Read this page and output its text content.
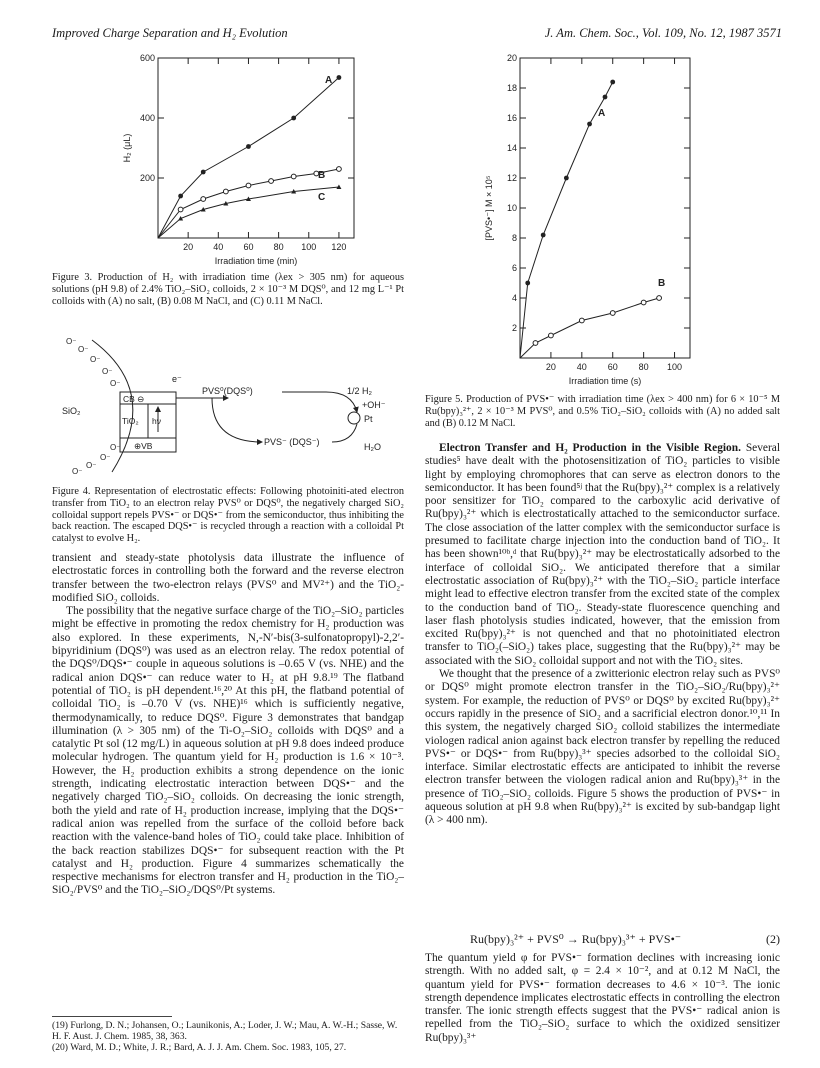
Improved Charge Separation and H₂ Evolution	J. Am. Chem. Soc., Vol. 109, No. 12, 1987 3571
20 40 60 80 100 120
200
400
600
Irradiation time (min)
H₂ (μL)
A
B
C
Figure 3. Production of H₂ with irradiation time (λex > 305 nm) for aqueous solutions (pH 9.8) of 2.4% TiO₂–SiO₂ colloids, 2 × 10⁻³ M DQS⁰, and 12 mg L⁻¹ Pt colloids with (A) no salt, (B) 0.08 M NaCl, and (C) 0.11 M NaCl.
O⁻
O⁻
O⁻
O⁻
O⁻
O⁻
O⁻
O⁻
O⁻
SiO₂
CB ⊖
TiO₂ hν
⊕VB
e⁻
PVS⁰(DQS⁰)
PVS⁻ (DQS⁻)
Pt
1/2 H₂
+OH⁻
H₂O
Figure 4. Representation of electrostatic effects: Following photoiniti-ated electron transfer from TiO₂ to an electron relay PVS⁰ or DQS⁰, the negatively charged SiO₂ colloidal support repels PVS•⁻ or DQS•⁻ from the semiconductor, thus inhibiting the back reaction. The escaped DQS•⁻ is recycled through a reaction with a colloidal Pt catalyst to evolve H₂.

transient and steady-state photolysis data illustrate the influence of electrostatic forces in controlling both the forward and the reverse electron transfer between the two-electron relays (PVS⁰ and MV²⁺) and the TiO₂-modified SiO₂ colloids.

The possibility that the negative surface charge of the TiO₂–SiO₂ particles might be effective in promoting the redox chemistry for H₂ production was also explored. In these experiments, N,-N′-bis(3-sulfonatopropyl)-2,2′-bipyridinium (DQS⁰) was used as an electron relay. The redox potential of the DQS⁰/DQS•⁻ couple in aqueous solutions is –0.65 V (vs. NHE) and the radical anion DQS•⁻ can reduce water to H₂ at pH 9.8.¹⁹ The flatband potential of TiO₂ is pH dependent.¹⁶,²⁰ At this pH, the flatband potential of colloidal TiO₂ is –0.70 V (vs. NHE)¹⁶ which is sufficiently negative, thermodynamically, to reduce DQS⁰. Figure 3 demonstrates that bandgap illumination (λ > 305 nm) of the Ti-O₂–SiO₂ colloids with DQS⁰ and a catalytic Pt sol (12 mg/L) in aqueous solution at pH 9.8 does indeed produce molecular hydrogen. The quantum yield for H₂ production is 1.6 × 10⁻³. However, the H₂ production exhibits a strong dependence on the ionic strength, indicating electrostatic interaction between DQS•⁻ and the negatively charged TiO₂–SiO₂ colloids. On decreasing the ionic strength, both the yield and rate of H₂ production increase, implying that the DQS•⁻ radical anion was repelled from the surface of the colloid before back reaction with the valence-band holes of TiO₂ could take place. Inhibition of the back reaction stabilizes DQS•⁻ for subsequent reaction with the Pt catalyst and H₂ production. Figure 4 summarizes schematically the respective mechanisms for electron transfer and H₂ production in the TiO₂–SiO₂/PVS⁰ and the TiO₂–SiO₂/DQS⁰/Pt systems.

(19) Furlong, D. N.; Johansen, O.; Launikonis, A.; Loder, J. W.; Mau, A. W.-H.; Sasse, W. H. F. Aust. J. Chem. 1985, 38, 363.
(20) Ward, M. D.; White, J. R.; Bard, A. J. J. Am. Chem. Soc. 1983, 105, 27.
20 40 60 80 100
2
4
6
8
10
12
14
16
18
20
Irradiation time (s)
[PVS•⁻] M × 10⁵
A
B
Figure 5. Production of PVS•⁻ with irradiation time (λex > 400 nm) for 6 × 10⁻⁵ M Ru(bpy)₃²⁺, 2 × 10⁻³ M PVS⁰, and 0.5% TiO₂–SiO₂ colloids with (A) no added salt and (B) 0.12 M NaCl.

Electron Transfer and H₂ Production in the Visible Region. Several studies⁵ have dealt with the photosensitization of TiO₂ particles to visible light by employing chromophores that can serve as electron donors to the semiconductor. It has been found⁵ʲ that the Ru(bpy)₃²⁺ complex is a relatively poor sensitizer for TiO₂ compared to the carboxylic acid derivative of Ru(bpy)₃²⁺ which is electrostatically attached to the semiconductor surface. The close association of the latter complex with the semiconductor surface is presumed to facilitate charge injection into the conduction band of TiO₂. It has been shown¹⁰ᵇ,ᵈ that Ru(bpy)₃²⁺ may be electrostatically adsorbed to the interface of colloidal SiO₂. We anticipated therefore that a similar electrostatic association of Ru(bpy)₃²⁺ with the TiO₂–SiO₂ particle interface might lead to effective electron transfer from the excited state of the complex to the conduction band of TiO₂. Steady-state fluorescence quenching and laser flash photolysis studies indicated, however, that the emission from excited Ru(bpy)₃²⁺ is not quenched and that no photoinitiated electron transfer to TiO₂(–SiO₂) takes place, suggesting that the Ru(bpy)₃²⁺ may be associated with the SiO₂ colloidal support and not with the TiO₂ sites.

We thought that the presence of a zwitterionic electron relay such as PVS⁰ or DQS⁰ might promote electron transfer in the TiO₂–SiO₂/Ru(bpy)₃²⁺ system. For example, the reduction of PVS⁰ or DQS⁰ by excited Ru(bpy)₃²⁺ occurs rapidly in the presence of SiO₂ and a sacrificial electron donor.¹⁰,¹¹ In this system, the negatively charged SiO₂ colloid stabilizes the intermediate viologen radical anion against back electron transfer by repelling the reduced PVS•⁻ or DQS•⁻ from Ru(bpy)₃³⁺ species adsorbed to the colloidal SiO₂ interface. Similar electrostatic effects are anticipated to inhibit the reverse electron transfer between the viologen radical anion and Ru(bpy)₃³⁺ in the presence of TiO₂–SiO₂ colloids. Figure 5 shows the production of PVS•⁻ in aqueous solution at pH 9.8 when Ru(bpy)₃²⁺ is excited by sub-bandgap light (λ > 400 nm).

Ru(bpy)₃²⁺ + PVS⁰ → Ru(bpy)₃³⁺ + PVS•⁻	(2)

The quantum yield φ for PVS•⁻ formation declines with increasing ionic strength. With no added salt, φ = 2.4 × 10⁻², and at 0.12 M NaCl, the quantum yield for PVS•⁻ formation decreases to 4.6 × 10⁻³. The ionic strength dependence implicates electrostatic effects in controlling the electron transfer. The ionic strength effects suggest that the PVS•⁻ radical anion is repelled from the TiO₂–SiO₂ surface to which the oxidized sensitizer Ru(bpy)₃³⁺
